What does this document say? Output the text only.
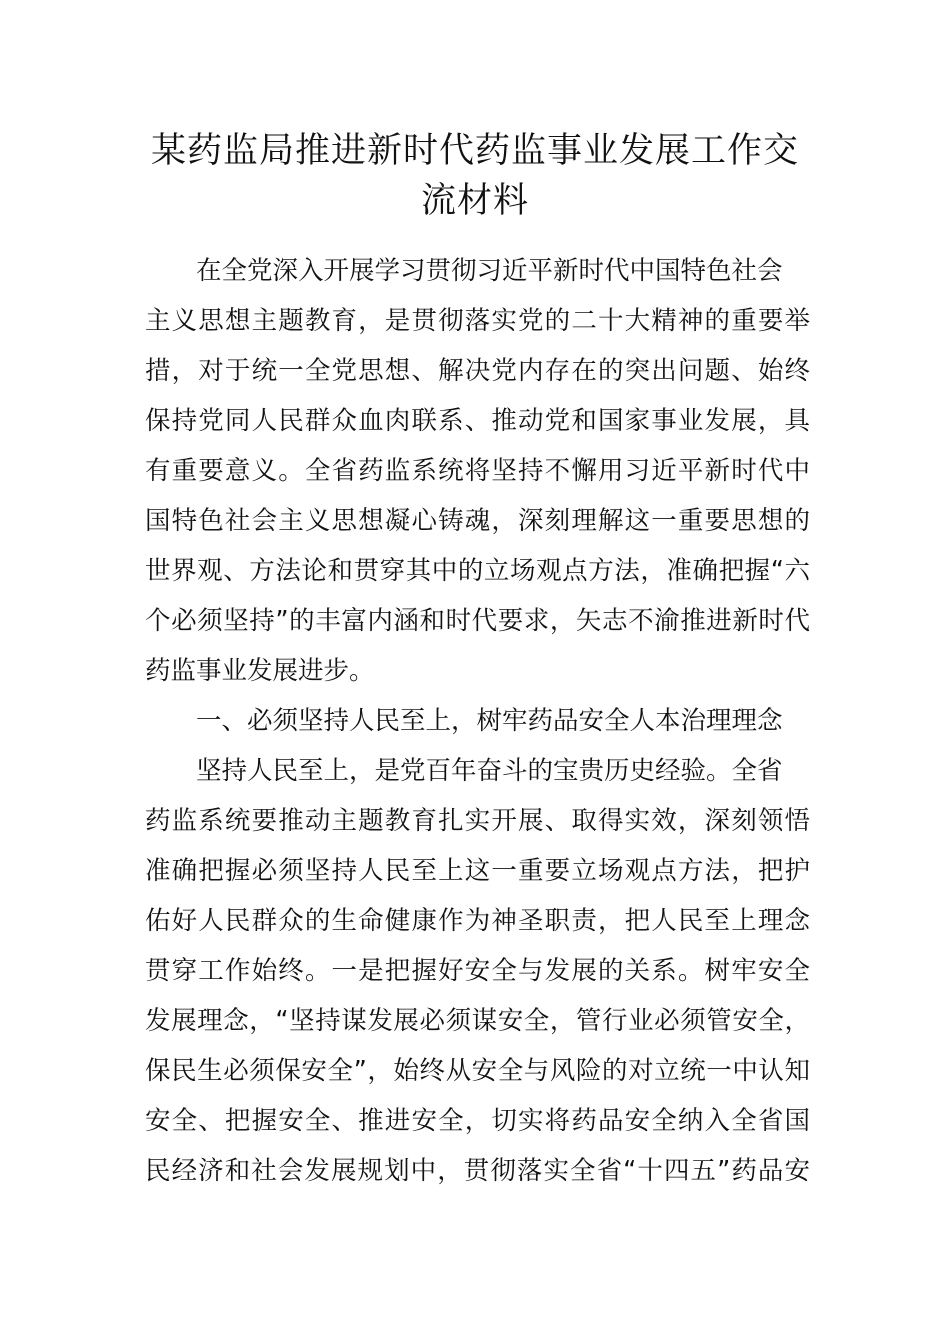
某药监局推进新时代药监事业发展工作交
流材料
在全党深入开展学习贯彻习近平新时代中国特色社会
主义思想主题教育，是贯彻落实党的二十大精神的重要举
措，对于统一全党思想、解决党内存在的突出问题、始终
保持党同人民群众血肉联系、推动党和国家事业发展，具
有重要意义。全省药监系统将坚持不懈用习近平新时代中
国特色社会主义思想凝心铸魂，深刻理解这一重要思想的
世界观、方法论和贯穿其中的立场观点方法，准确把握“六
个必须坚持”的丰富内涵和时代要求，矢志不渝推进新时代
药监事业发展进步。
一、必须坚持人民至上，树牢药品安全人本治理理念
坚持人民至上，是党百年奋斗的宝贵历史经验。全省
药监系统要推动主题教育扎实开展、取得实效，深刻领悟
准确把握必须坚持人民至上这一重要立场观点方法，把护
佑好人民群众的生命健康作为神圣职责，把人民至上理念
贯穿工作始终。一是把握好安全与发展的关系。树牢安全
发展理念，“坚持谋发展必须谋安全，管行业必须管安全，
保民生必须保安全”，始终从安全与风险的对立统一中认知
安全、把握安全、推进安全，切实将药品安全纳入全省国
民经济和社会发展规划中，贯彻落实全省“十四五”药品安
